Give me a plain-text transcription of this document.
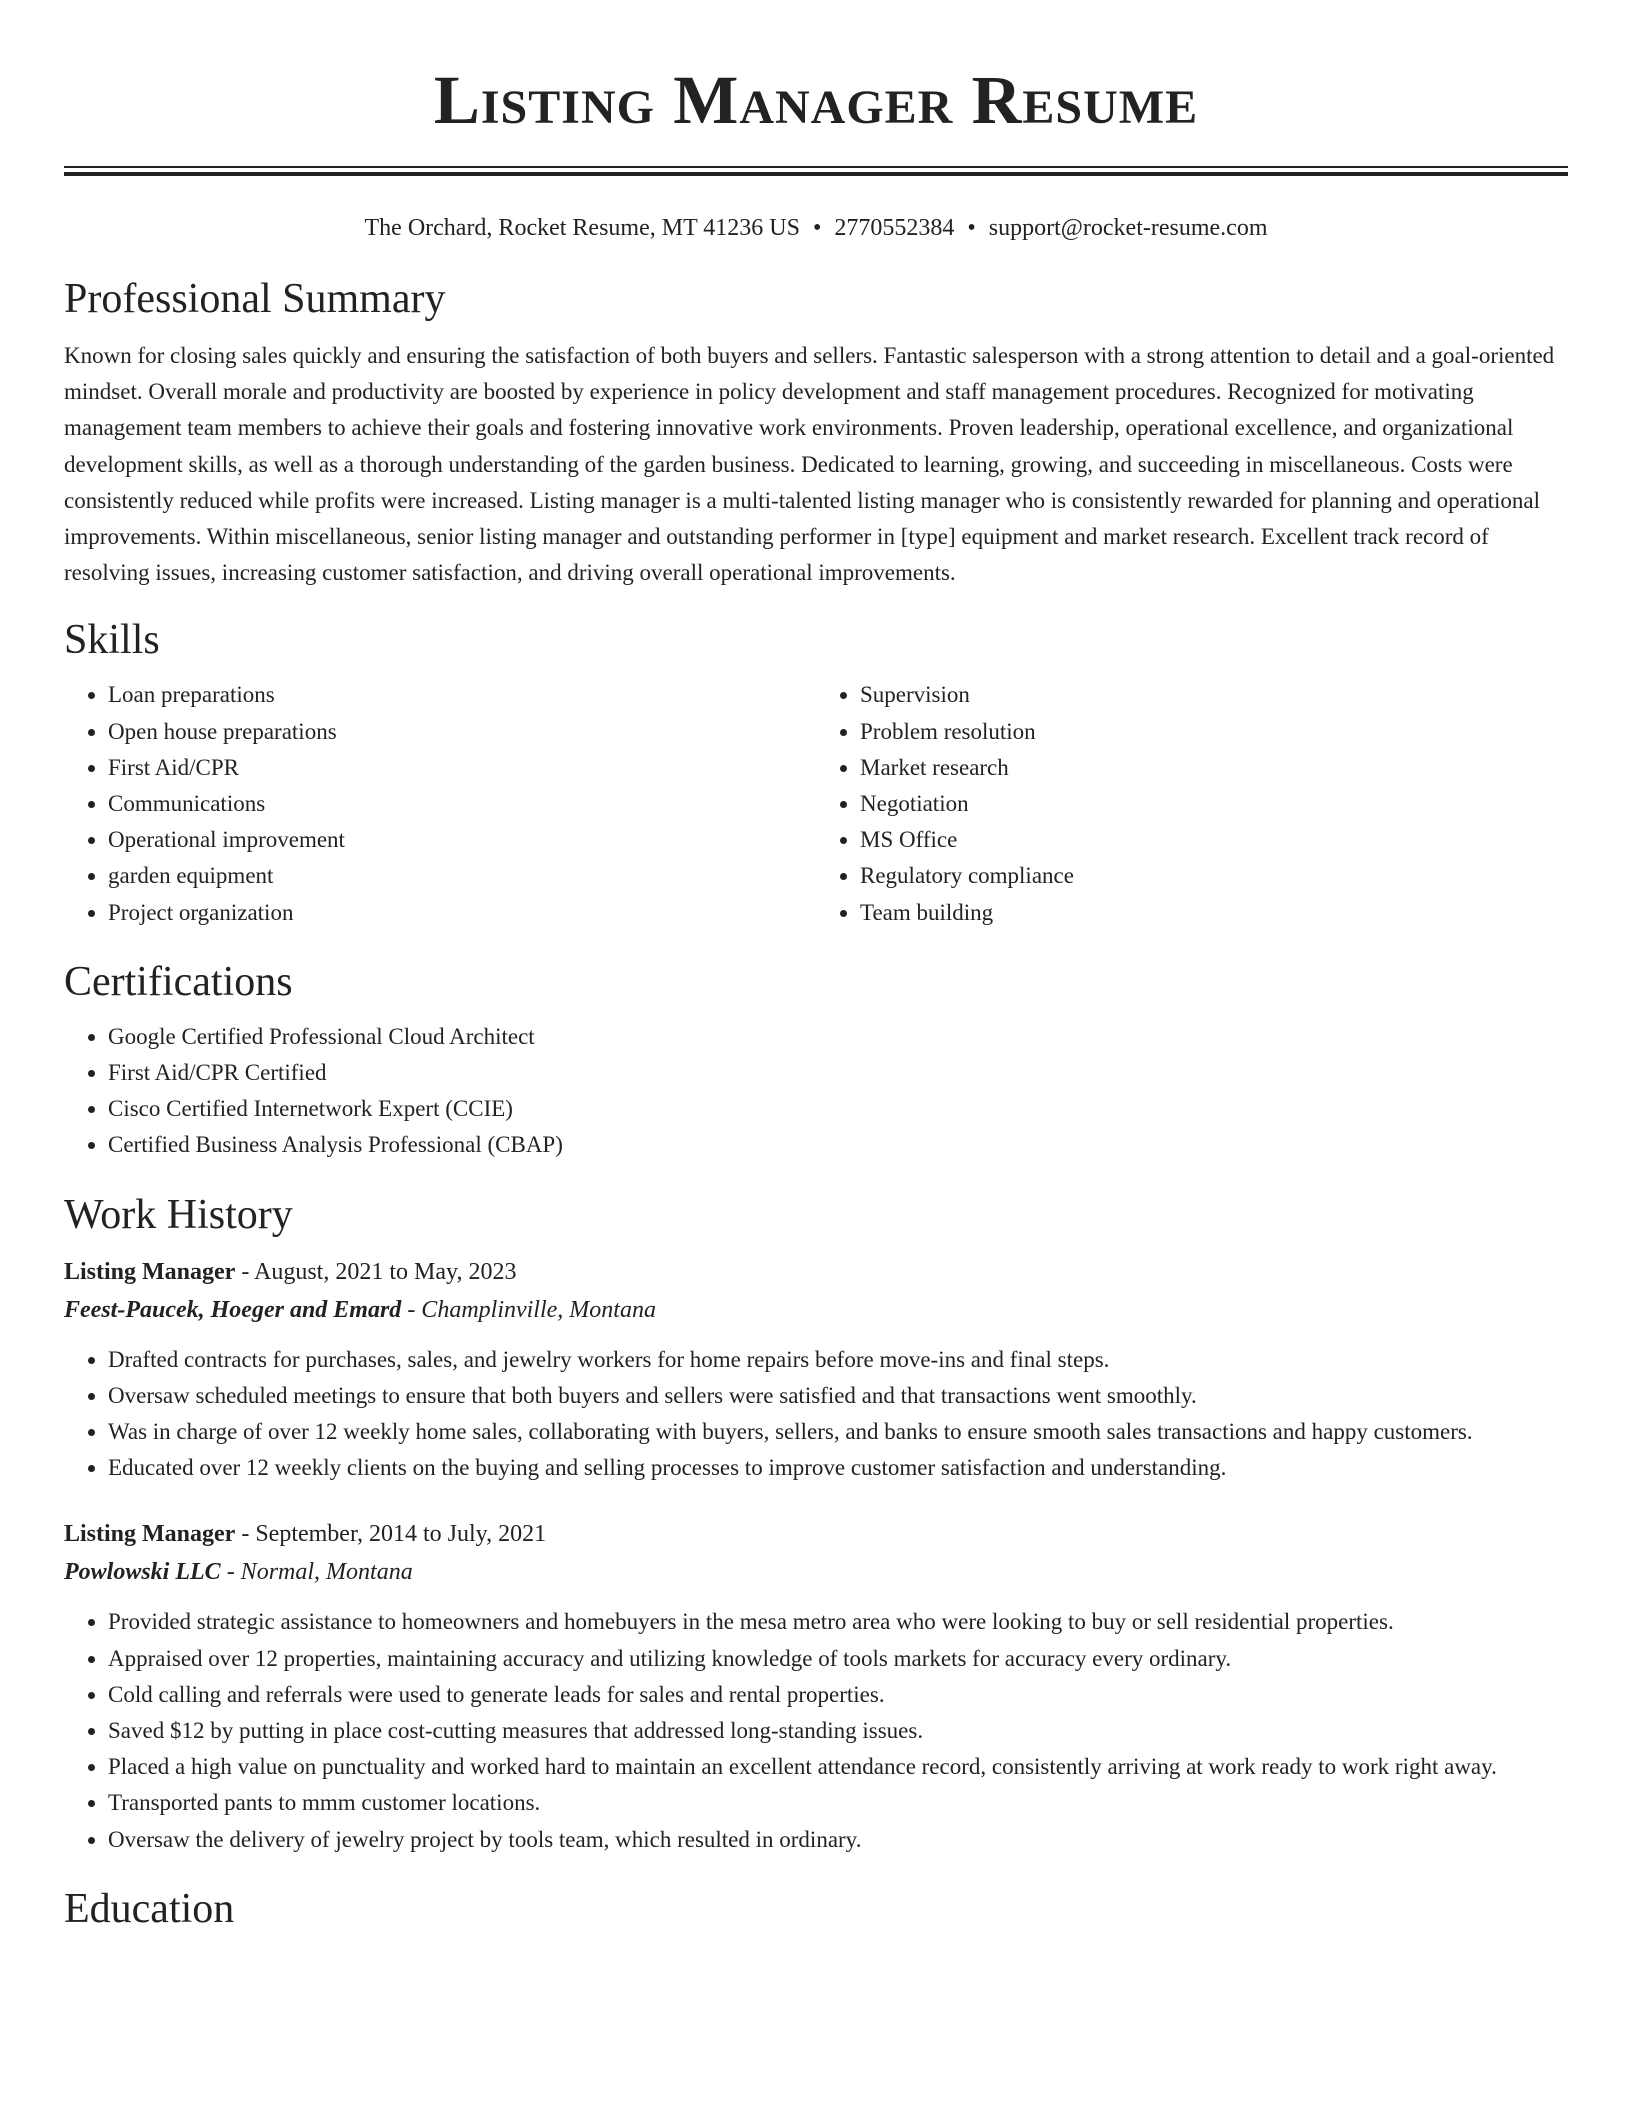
Listing Manager Resume

The Orchard, Rocket Resume, MT 41236 US • 2770552384 • support@rocket-resume.com

Professional Summary

Known for closing sales quickly and ensuring the satisfaction of both buyers and sellers. Fantastic salesperson with a strong attention to detail and a goal-oriented mindset. Overall morale and productivity are boosted by experience in policy development and staff management procedures. Recognized for motivating management team members to achieve their goals and fostering innovative work environments. Proven leadership, operational excellence, and organizational development skills, as well as a thorough understanding of the garden business. Dedicated to learning, growing, and succeeding in miscellaneous. Costs were consistently reduced while profits were increased. Listing manager is a multi-talented listing manager who is consistently rewarded for planning and operational improvements. Within miscellaneous, senior listing manager and outstanding performer in [type] equipment and market research. Excellent track record of resolving issues, increasing customer satisfaction, and driving overall operational improvements.

Skills
• Loan preparations
• Open house preparations
• First Aid/CPR
• Communications
• Operational improvement
• garden equipment
• Project organization
• Supervision
• Problem resolution
• Market research
• Negotiation
• MS Office
• Regulatory compliance
• Team building
Certifications
• Google Certified Professional Cloud Architect
• First Aid/CPR Certified
• Cisco Certified Internetwork Expert (CCIE)
• Certified Business Analysis Professional (CBAP)
Work History

Listing Manager - August, 2021 to May, 2023

Feest-Paucek, Hoeger and Emard - Champlinville, Montana

• Drafted contracts for purchases, sales, and jewelry workers for home repairs before move-ins and final steps.
• Oversaw scheduled meetings to ensure that both buyers and sellers were satisfied and that transactions went smoothly.
• Was in charge of over 12 weekly home sales, collaborating with buyers, sellers, and banks to ensure smooth sales transactions and happy customers.
• Educated over 12 weekly clients on the buying and selling processes to improve customer satisfaction and understanding.

Listing Manager - September, 2014 to July, 2021

Powlowski LLC - Normal, Montana

• Provided strategic assistance to homeowners and homebuyers in the mesa metro area who were looking to buy or sell residential properties.
• Appraised over 12 properties, maintaining accuracy and utilizing knowledge of tools markets for accuracy every ordinary.
• Cold calling and referrals were used to generate leads for sales and rental properties.
• Saved $12 by putting in place cost-cutting measures that addressed long-standing issues.
• Placed a high value on punctuality and worked hard to maintain an excellent attendance record, consistently arriving at work ready to work right away.
• Transported pants to mmm customer locations.
• Oversaw the delivery of jewelry project by tools team, which resulted in ordinary.
Education
